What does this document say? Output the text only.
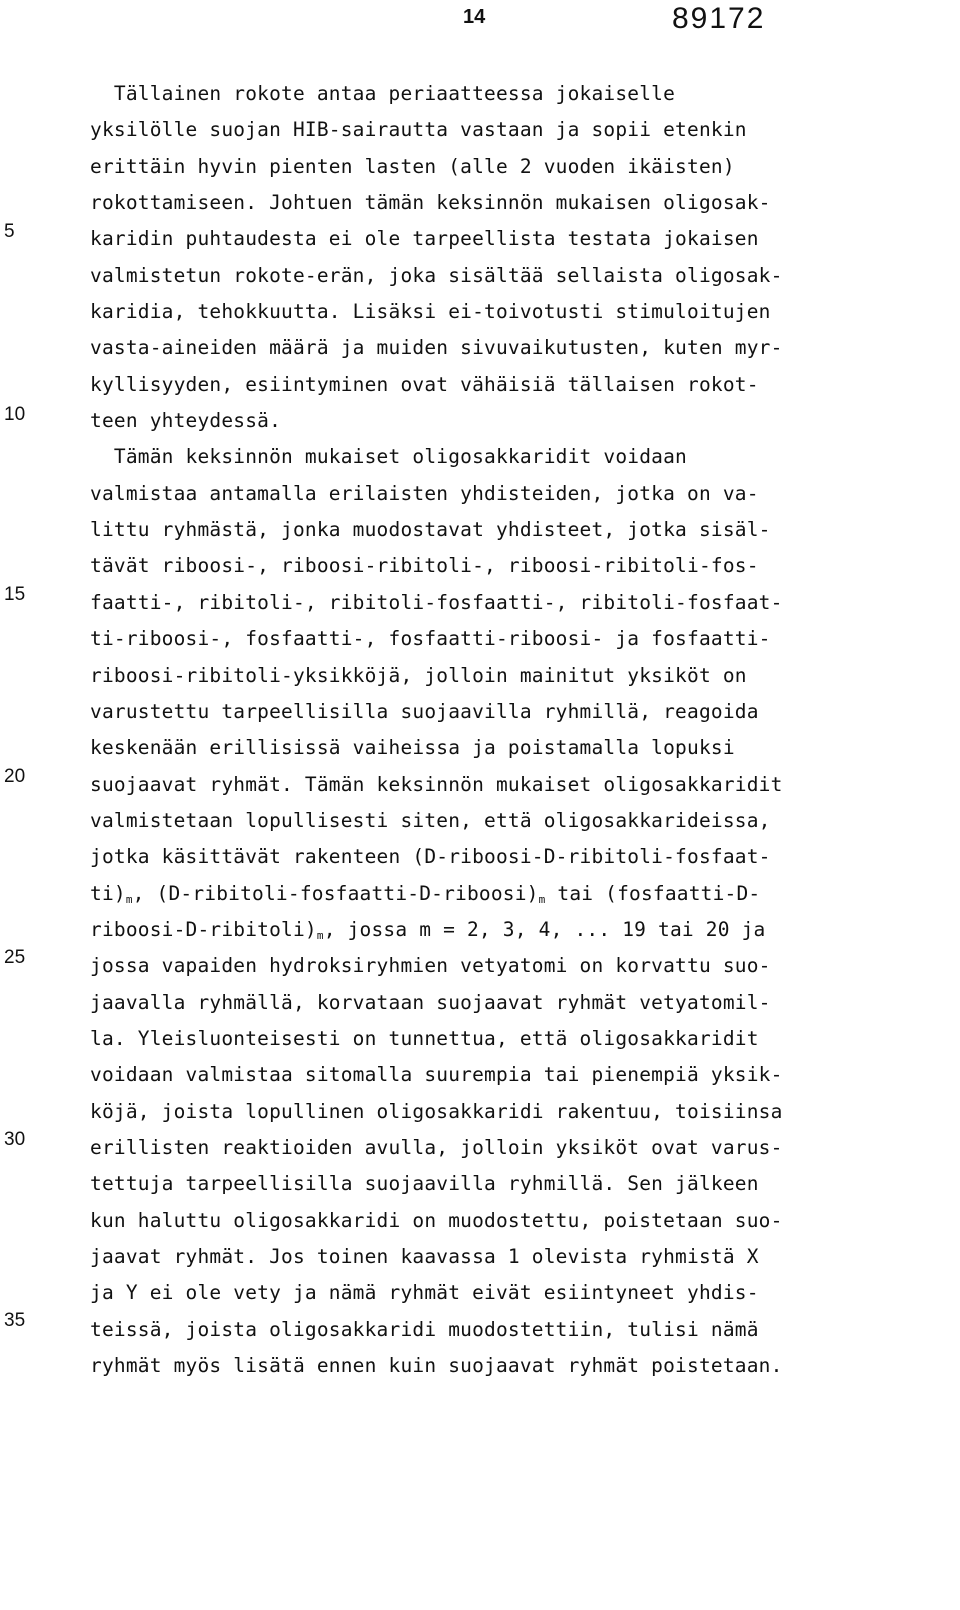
14	89172
5
10
15
20
25
30
35
Tällainen rokote antaa periaatteessa jokaiselle
yksilölle suojan HIB-sairautta vastaan ja sopii etenkin
erittäin hyvin pienten lasten (alle 2 vuoden ikäisten)
rokottamiseen. Johtuen tämän keksinnön mukaisen oligosak-
karidin puhtaudesta ei ole tarpeellista testata jokaisen
valmistetun rokote-erän, joka sisältää sellaista oligosak-
karidia, tehokkuutta. Lisäksi ei-toivotusti stimuloitujen
vasta-aineiden määrä ja muiden sivuvaikutusten, kuten myr-
kyllisyyden, esiintyminen ovat vähäisiä tällaisen rokot-
teen yhteydessä.
Tämän keksinnön mukaiset oligosakkaridit voidaan
valmistaa antamalla erilaisten yhdisteiden, jotka on va-
littu ryhmästä, jonka muodostavat yhdisteet, jotka sisäl-
tävät riboosi-, riboosi-ribitoli-, riboosi-ribitoli-fos-
faatti-, ribitoli-, ribitoli-fosfaatti-, ribitoli-fosfaat-
ti-riboosi-, fosfaatti-, fosfaatti-riboosi- ja fosfaatti-
riboosi-ribitoli-yksikköjä, jolloin mainitut yksiköt on
varustettu tarpeellisilla suojaavilla ryhmillä, reagoida
keskenään erillisissä vaiheissa ja poistamalla lopuksi
suojaavat ryhmät. Tämän keksinnön mukaiset oligosakkaridit
valmistetaan lopullisesti siten, että oligosakkarideissa,
jotka käsittävät rakenteen (D-riboosi-D-ribitoli-fosfaat-
$ti)_m$, $(D-ribitoli-fosfaatti-D-riboosi)_m$ tai (fosfaatti-D-
riboosi-$D-ribitoli)_m$, jossa m = 2, 3, 4, ... 19 tai 20 ja
jossa vapaiden hydroksiryhmien vetyatomi on korvattu suo-
jaavalla ryhmällä, korvataan suojaavat ryhmät vetyatomil-
la. Yleisluonteisesti on tunnettua, että oligosakkaridit
voidaan valmistaa sitomalla suurempia tai pienempiä yksik-
köjä, joista lopullinen oligosakkaridi rakentuu, toisiinsa
erillisten reaktioiden avulla, jolloin yksiköt ovat varus-
tettuja tarpeellisilla suojaavilla ryhmillä. Sen jälkeen
kun haluttu oligosakkaridi on muodostettu, poistetaan suo-
jaavat ryhmät. Jos toinen kaavassa 1 olevista ryhmistä X
ja Y ei ole vety ja nämä ryhmät eivät esiintyneet yhdis-
teissä, joista oligosakkaridi muodostettiin, tulisi nämä
ryhmät myös lisätä ennen kuin suojaavat ryhmät poistetaan.
